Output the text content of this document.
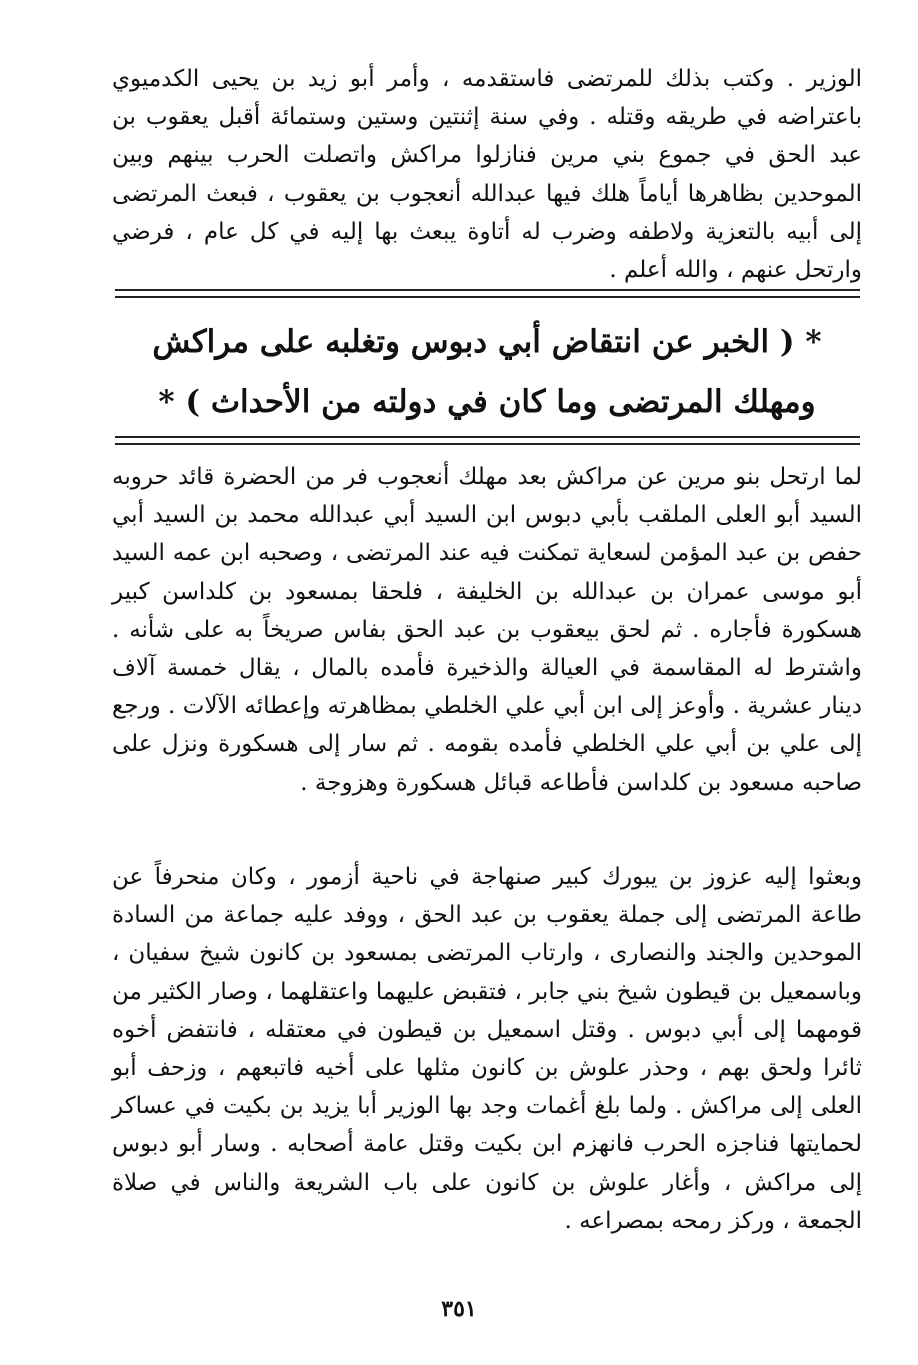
الوزير . وكتب بذلك للمرتضى فاستقدمه ، وأمر أبو زيد بن يحيى الكدميوي باعتراضه في طريقه وقتله . وفي سنة إثنتين وستين وستمائة أقبل يعقوب بن عبد الحق في جموع بني مرين فنازلوا مراكش واتصلت الحرب بينهم وبين الموحدين بظاهرها أياماً هلك فيها عبدالله أنعجوب بن يعقوب ، فبعث المرتضى إلى أبيه بالتعزية ولاطفه وضرب له أتاوة يبعث بها إليه في كل عام ، فرضي وارتحل عنهم ، والله أعلم .

* ( الخبر عن انتقاض أبي دبوس وتغلبه على مراكش
ومهلك المرتضى وما كان في دولته من الأحداث ) *

لما ارتحل بنو مرين عن مراكش بعد مهلك أنعجوب فر من الحضرة قائد حروبه السيد أبو العلى الملقب بأبي دبوس ابن السيد أبي عبدالله محمد بن السيد أبي حفص بن عبد المؤمن لسعاية تمكنت فيه عند المرتضى ، وصحبه ابن عمه السيد أبو موسى عمران بن عبدالله بن الخليفة ، فلحقا بمسعود بن كلداسن كبير هسكورة فأجاره . ثم لحق بيعقوب بن عبد الحق بفاس صريخاً به على شأنه . واشترط له المقاسمة في العيالة والذخيرة فأمده بالمال ، يقال خمسة آلاف دينار عشرية . وأوعز إلى ابن أبي علي الخلطي بمظاهرته وإعطائه الآلات . ورجع إلى علي بن أبي علي الخلطي فأمده بقومه . ثم سار إلى هسكورة ونزل على صاحبه مسعود بن كلداسن فأطاعه قبائل هسكورة وهزوجة .

وبعثوا إليه عزوز بن يبورك كبير صنهاجة في ناحية أزمور ، وكان منحرفاً عن طاعة المرتضى إلى جملة يعقوب بن عبد الحق ، ووفد عليه جماعة من السادة الموحدين والجند والنصارى ، وارتاب المرتضى بمسعود بن كانون شيخ سفيان ، وباسمعيل بن قيطون شيخ بني جابر ، فتقبض عليهما واعتقلهما ، وصار الكثير من قومهما إلى أبي دبوس . وقتل اسمعيل بن قيطون في معتقله ، فانتفض أخوه ثائرا ولحق بهم ، وحذر علوش بن كانون مثلها على أخيه فاتبعهم ، وزحف أبو العلى إلى مراكش . ولما بلغ أغمات وجد بها الوزير أبا يزيد بن بكيت في عساكر لحمايتها فناجزه الحرب فانهزم ابن بكيت وقتل عامة أصحابه . وسار أبو دبوس إلى مراكش ، وأغار علوش بن كانون على باب الشريعة والناس في صلاة الجمعة ، وركز رمحه بمصراعه .

٣٥١
